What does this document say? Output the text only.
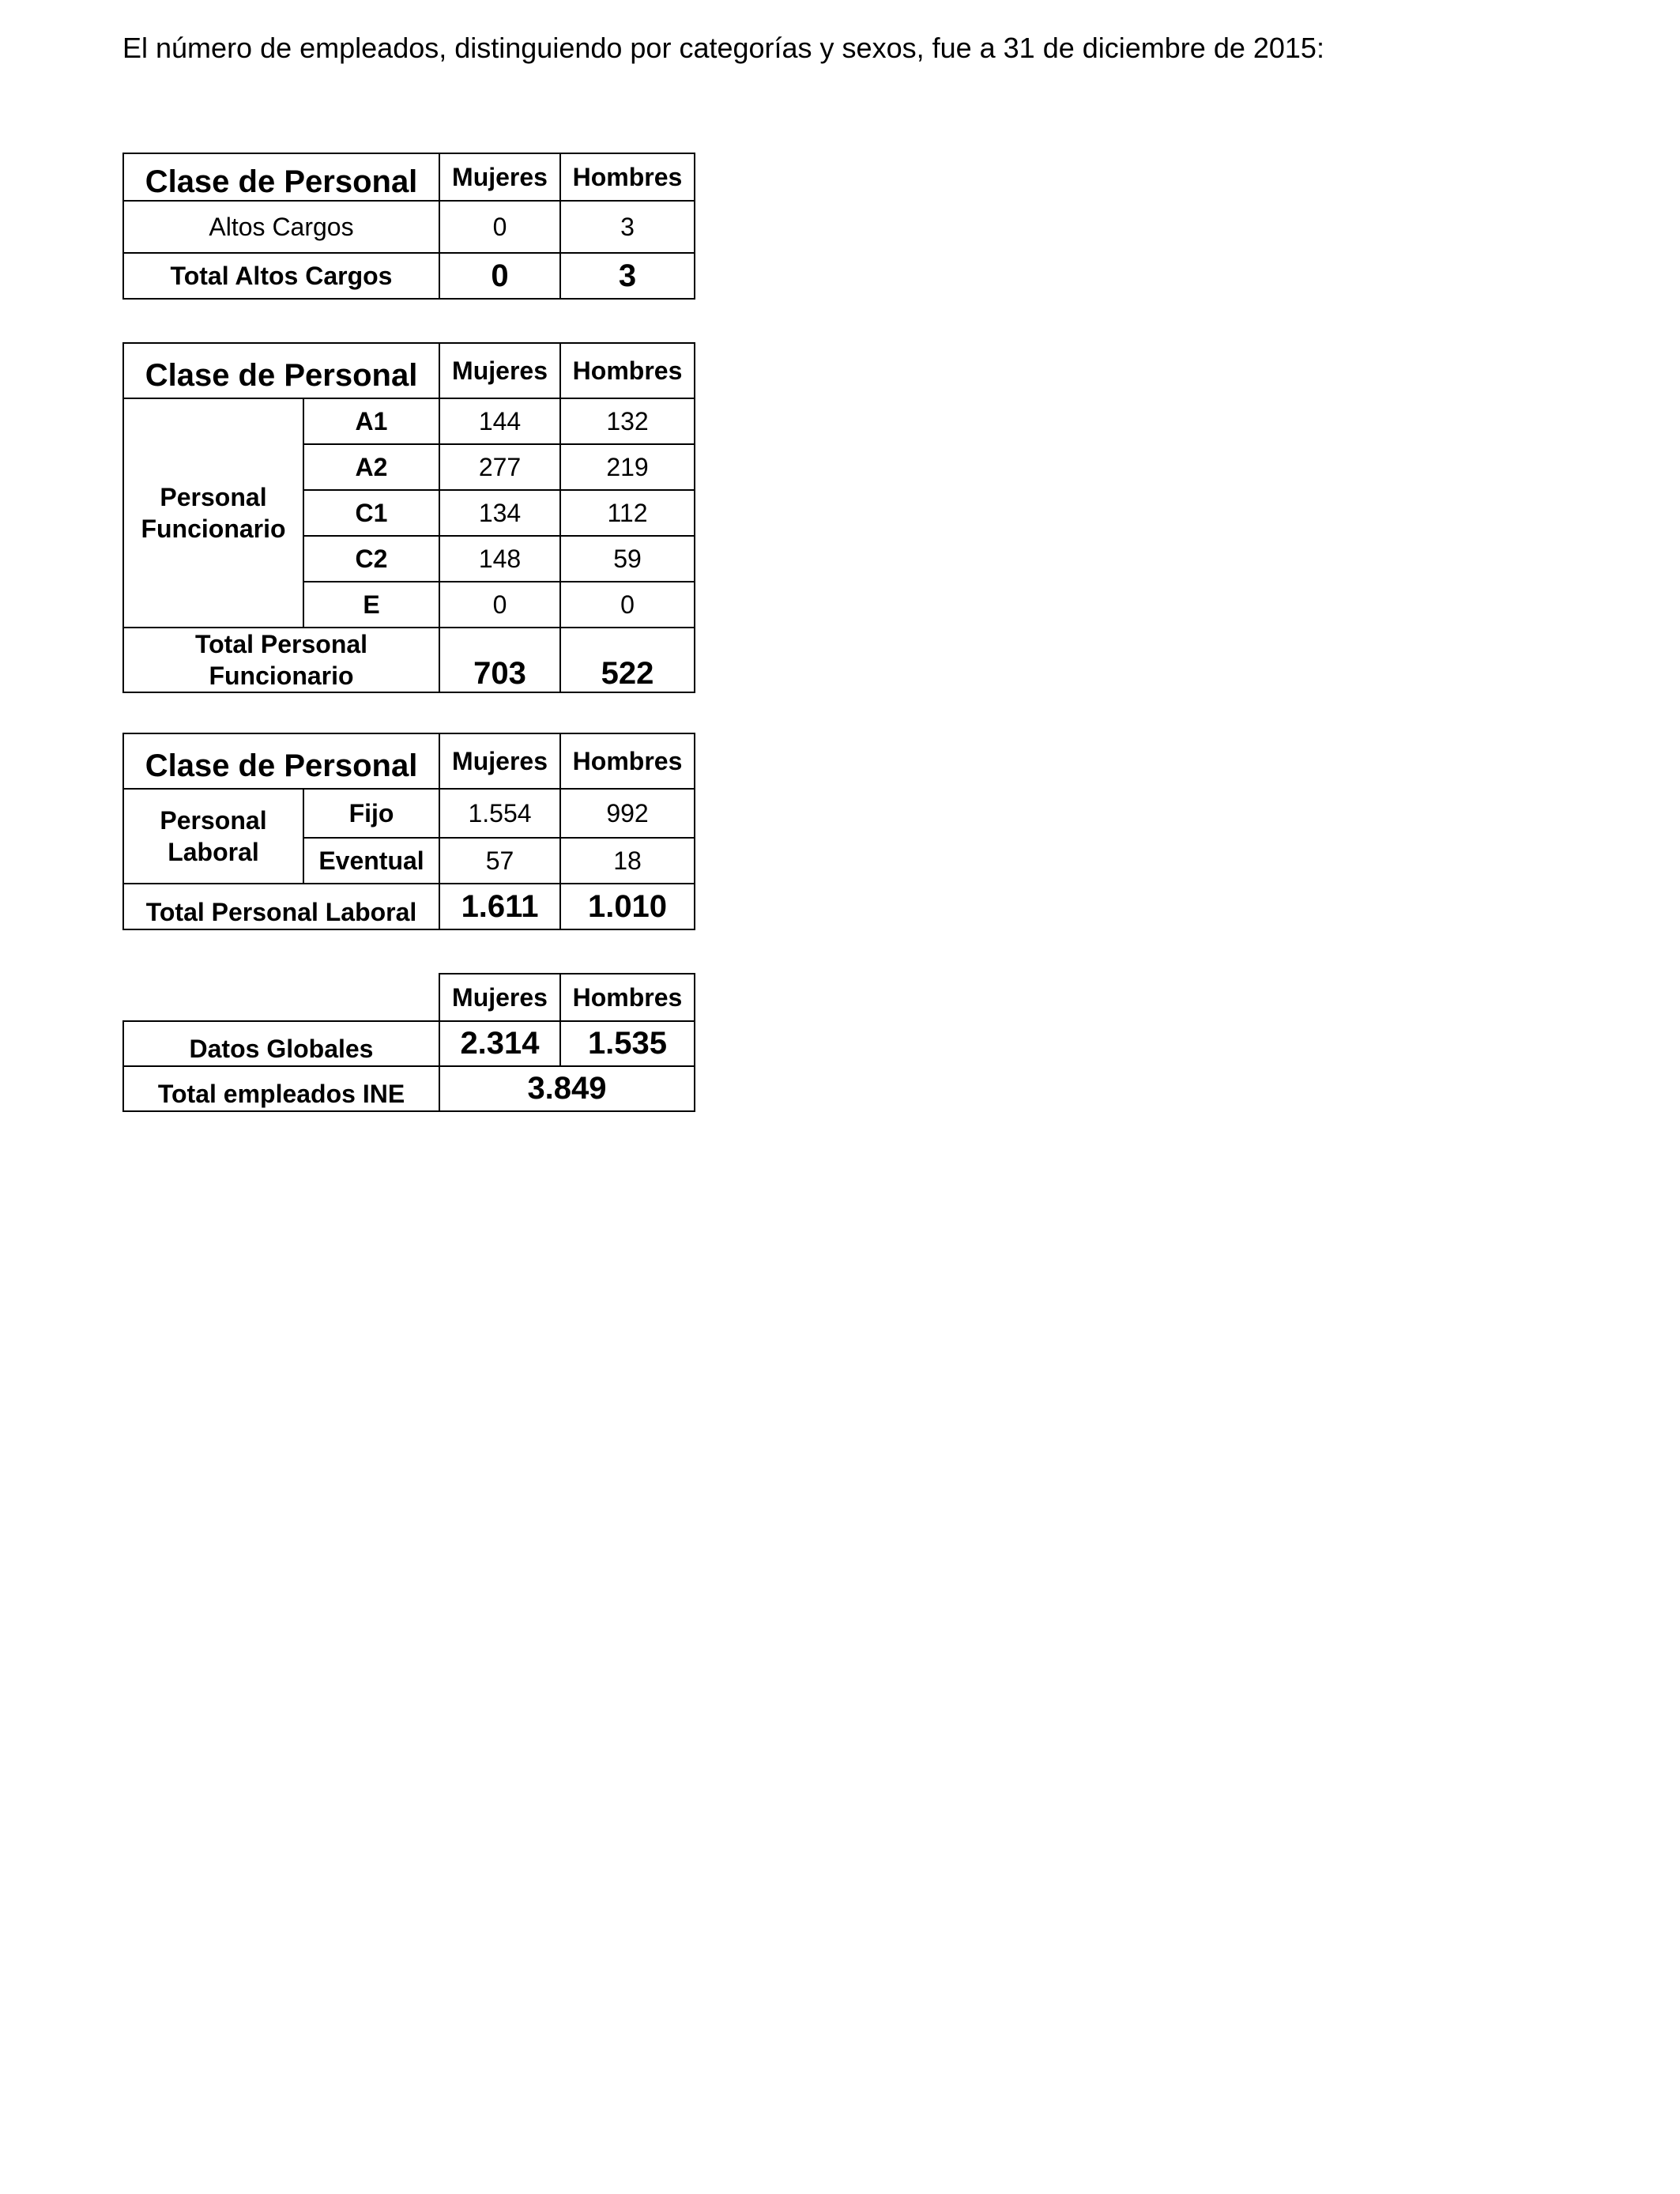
El número de empleados, distinguiendo por categorías y sexos, fue a 31 de diciembre de 2015:
Clase de Personal	Mujeres	Hombres
Altos Cargos	0	3
Total Altos Cargos	0	3
Clase de Personal		Mujeres	Hombres
Personal Funcionario	A1	144	132
	A2	277	219
	C1	134	112
	C2	148	59
	E	0	0
Total Personal Funcionario		703	522
Clase de Personal		Mujeres	Hombres
Personal Laboral	Fijo	1.554	992
	Eventual	57	18
Total Personal Laboral		1.611	1.010
	Mujeres	Hombres
Datos Globales	2.314	1.535
Total empleados INE	3.849	
